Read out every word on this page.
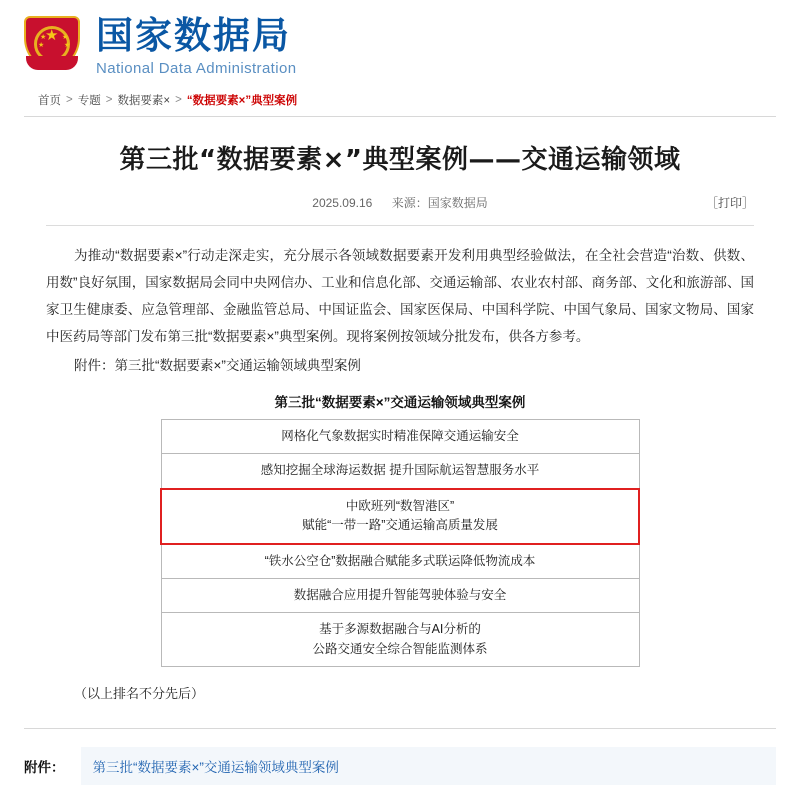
★
★
★
★
★ 国家数据局
National Data Administration
首页 > 专题 > 数据要素× > “数据要素×”典型案例
第三批“数据要素×”典型案例——交通运输领域
2025.09.16 来源：国家数据局	［打印］

为推动“数据要素×”行动走深走实，充分展示各领域数据要素开发利用典型经验做法，在全社会营造“治数、供数、用数”良好氛围，国家数据局会同中央网信办、工业和信息化部、交通运输部、农业农村部、商务部、文化和旅游部、国家卫生健康委、应急管理部、金融监管总局、中国证监会、国家医保局、中国科学院、中国气象局、国家文物局、国家中医药局等部门发布第三批“数据要素×”典型案例。现将案例按领域分批发布，供各方参考。

附件：第三批“数据要素×”交通运输领域典型案例
第三批“数据要素×”交通运输领域典型案例
网格化气象数据实时精准保障交通运输安全
感知挖掘全球海运数据 提升国际航运智慧服务水平

中欧班列“数智港区”
赋能“一带一路”交通运输高质量发展

“铁水公空仓”数据融合赋能多式联运降低物流成本
数据融合应用提升智能驾驶体验与安全

基于多源数据融合与AI分析的
公路交通安全综合智能监测体系
（以上排名不分先后）
附件：	第三批“数据要素×”交通运输领域典型案例
